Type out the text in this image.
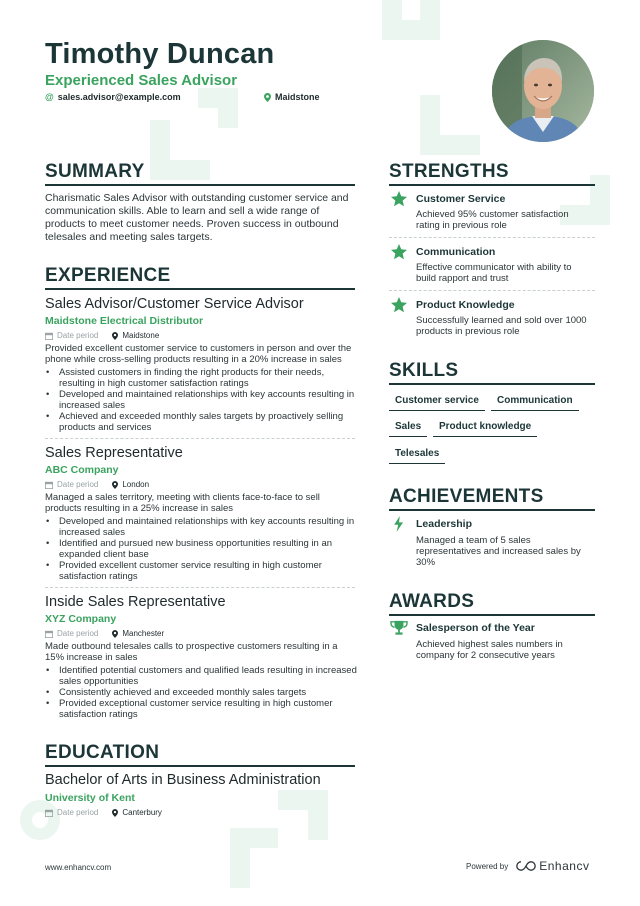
Timothy Duncan
Experienced Sales Advisor
@ sales.advisor@example.com	Maidstone
SUMMARY
Charismatic Sales Advisor with outstanding customer service and communication skills. Able to learn and sell a wide range of products to meet customer needs. Proven success in outbound telesales and meeting sales targets.
EXPERIENCE
Sales Advisor/Customer Service Advisor
Maidstone Electrical Distributor
Date period	Maidstone
Provided excellent customer service to customers in person and over the phone while cross-selling products resulting in a 20% increase in sales
• Assisted customers in finding the right products for their needs, resulting in high customer satisfaction ratings
• Developed and maintained relationships with key accounts resulting in increased sales
• Achieved and exceeded monthly sales targets by proactively selling products and services
Sales Representative
ABC Company
Date period	London
Managed a sales territory, meeting with clients face-to-face to sell products resulting in a 25% increase in sales
• Developed and maintained relationships with key accounts resulting in increased sales
• Identified and pursued new business opportunities resulting in an expanded client base
• Provided excellent customer service resulting in high customer satisfaction ratings
Inside Sales Representative
XYZ Company
Date period	Manchester
Made outbound telesales calls to prospective customers resulting in a 15% increase in sales
• Identified potential customers and qualified leads resulting in increased sales opportunities
• Consistently achieved and exceeded monthly sales targets
• Provided exceptional customer service resulting in high customer satisfaction ratings
EDUCATION
Bachelor of Arts in Business Administration
University of Kent
Date period	Canterbury
STRENGTHS
Customer Service
Achieved 95% customer satisfaction rating in previous role
Communication
Effective communicator with ability to build rapport and trust
Product Knowledge
Successfully learned and sold over 1000 products in previous role
SKILLS
Customer service	Communication
Sales	Product knowledge
Telesales
ACHIEVEMENTS
Leadership
Managed a team of 5 sales representatives and increased sales by 30%
AWARDS
Salesperson of the Year
Achieved highest sales numbers in company for 2 consecutive years
www.enhancv.com	Powered by	Enhancv
